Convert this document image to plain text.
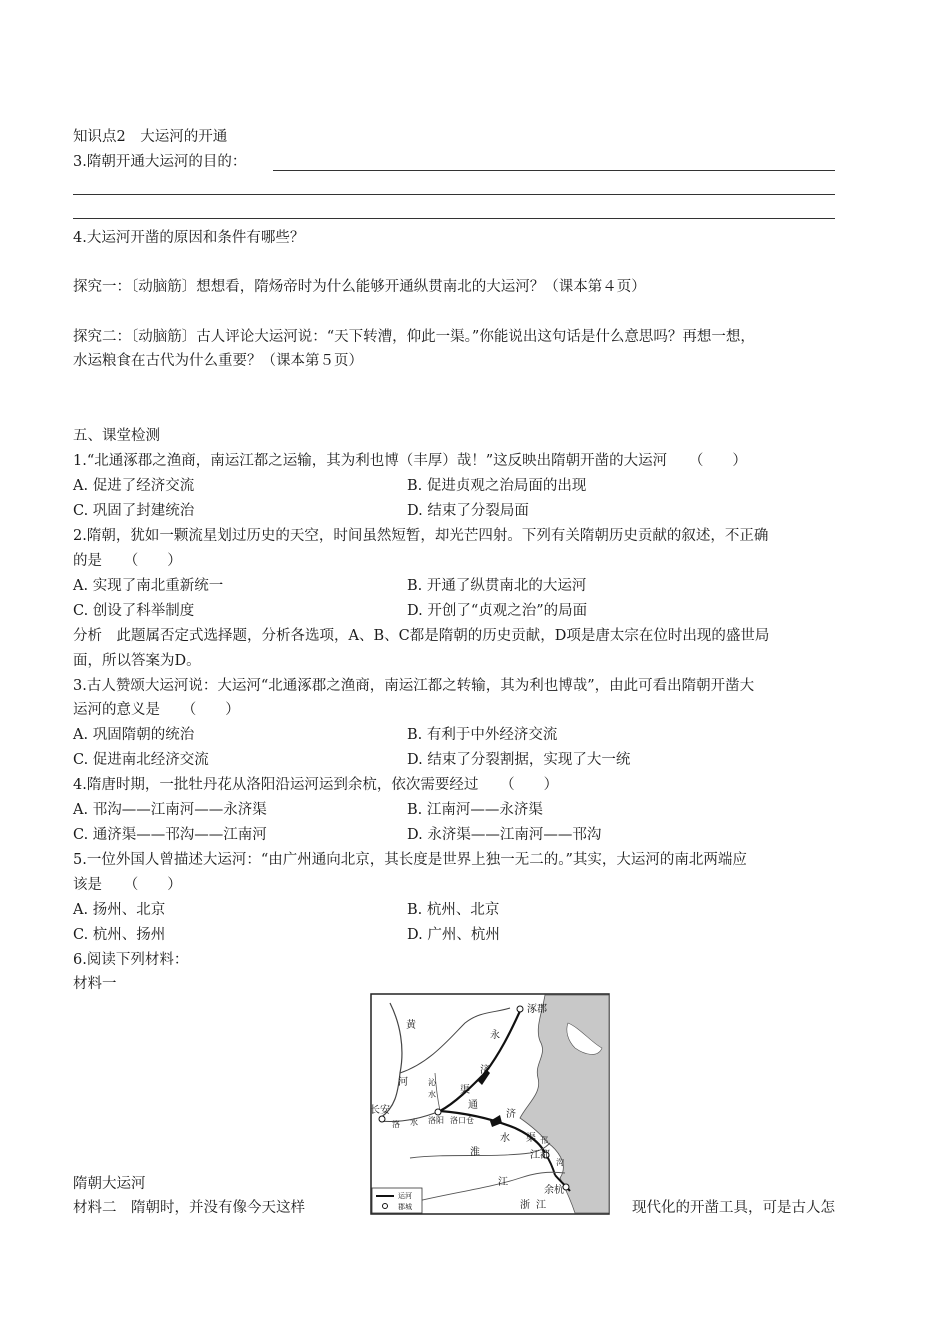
知识点2　大运河的开通
3.隋朝开通大运河的目的：
4.大运河开凿的原因和条件有哪些？
探究一：〔动脑筋〕想想看，隋炀帝时为什么能够开通纵贯南北的大运河？（课本第４页）
探究二：〔动脑筋〕古人评论大运河说：“天下转漕，仰此一渠。”你能说出这句话是什么意思吗？再想一想，
水运粮食在古代为什么重要？（课本第５页）
五、课堂检测
1.“北通涿郡之渔商，南运江都之运输，其为利也博（丰厚）哉！”这反映出隋朝开凿的大运河　　（　　）
A. 促进了经济交流	B. 促进贞观之治局面的出现
C. 巩固了封建统治	D. 结束了分裂局面
2.隋朝，犹如一颗流星划过历史的天空，时间虽然短暂，却光芒四射。下列有关隋朝历史贡献的叙述，不正确
的是　　（　　）
A. 实现了南北重新统一	B. 开通了纵贯南北的大运河
C. 创设了科举制度	D. 开创了“贞观之治”的局面
分析　此题属否定式选择题，分析各选项，A、B、C都是隋朝的历史贡献，D项是唐太宗在位时出现的盛世局
面，所以答案为D。
3.古人赞颂大运河说：大运河“北通涿郡之渔商，南运江都之转输，其为利也博哉”，由此可看出隋朝开凿大
运河的意义是　　（　　）
A. 巩固隋朝的统治	B. 有利于中外经济交流
C. 促进南北经济交流	D. 结束了分裂割据，实现了大一统
4.隋唐时期，一批牡丹花从洛阳沿运河运到余杭，依次需要经过　　（　　）
A. 邗沟——江南河——永济渠	B. 江南河——永济渠
C. 通济渠——邗沟——江南河	D. 永济渠——江南河——邗沟
5.一位外国人曾描述大运河：“由广州通向北京，其长度是世界上独一无二的。”其实，大运河的南北两端应
该是　　（　　）
A. 扬州、北京	B. 杭州、北京
C. 杭州、扬州	D. 广州、杭州
6.阅读下列材料：
材料一
涿郡
黄
永
济
渠
河	沁
水
通
济
长安
洛 水 洛阳 洛口仓
水 渠 邗
淮	江都
沟
余杭
江
浙 江
运河
郡城
隋朝大运河
材料二　隋朝时，并没有像今天这样	现代化的开凿工具，可是古人怎
